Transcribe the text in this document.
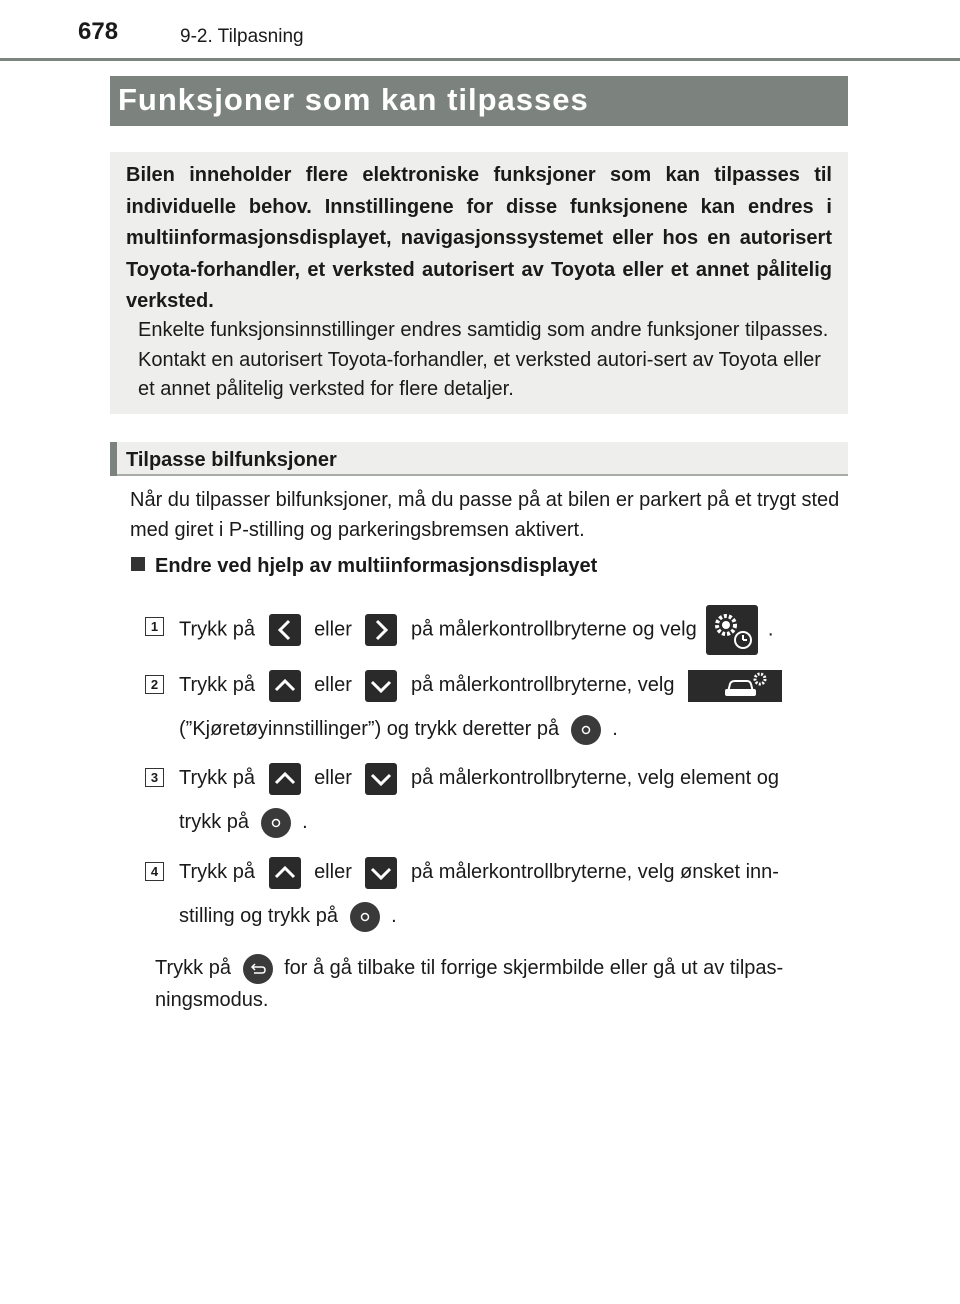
678	9-2. Tilpasning
Funksjoner som kan tilpasses
Bilen inneholder flere elektroniske funksjoner som kan tilpasses til individuelle behov. Innstillingene for disse funksjonene kan endres i multiinformasjonsdisplayet, navigasjonssystemet eller hos en autorisert Toyota-forhandler, et verksted autorisert av Toyota eller et annet pålitelig verksted.
Enkelte funksjonsinnstillinger endres samtidig som andre funksjoner tilpasses. Kontakt en autorisert Toyota-forhandler, et verksted autori-sert av Toyota eller et annet pålitelig verksted for flere detaljer.
Tilpasse bilfunksjoner
Når du tilpasser bilfunksjoner, må du passe på at bilen er parkert på et trygt sted med giret i P-stilling og parkeringsbremsen aktivert.
Endre ved hjelp av multiinformasjonsdisplayet
1 Trykk på	eller	på målerkontrollbryterne og velg	.
2 Trykk på	eller	på målerkontrollbryterne, velg

(”Kjøretøyinnstillinger”) og trykk deretter på	.
3 Trykk på	eller	på målerkontrollbryterne, velg element og
trykk på	.
4 Trykk på	eller	på målerkontrollbryterne, velg ønsket inn-
stilling og trykk på	.
Trykk på	for å gå tilbake til forrige skjermbilde eller gå ut av tilpas-ningsmodus.
